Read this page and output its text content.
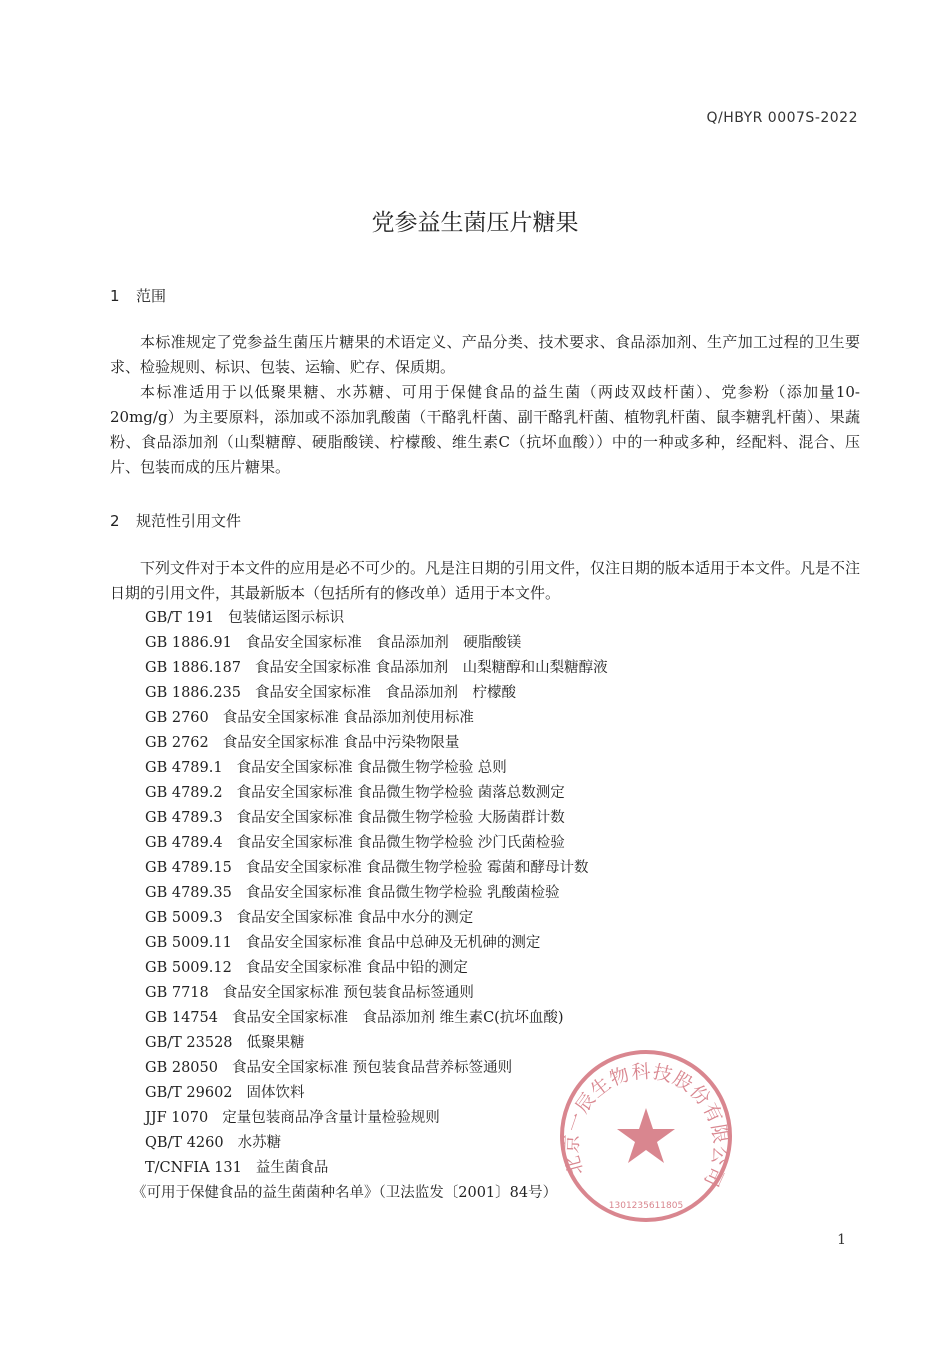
Q/HBYR 0007S-2022
党参益生菌压片糖果
1 范围

本标准规定了党参益生菌压片糖果的术语定义、产品分类、技术要求、食品添加剂、生产加工过程的卫生要求、检验规则、标识、包装、运输、贮存、保质期。

本标准适用于以低聚果糖、水苏糖、可用于保健食品的益生菌（两歧双歧杆菌）、党参粉（添加量10-20mg/g）为主要原料，添加或不添加乳酸菌（干酪乳杆菌、副干酪乳杆菌、植物乳杆菌、鼠李糖乳杆菌）、果蔬粉、食品添加剂（山梨糖醇、硬脂酸镁、柠檬酸、维生素C（抗坏血酸））中的一种或多种，经配料、混合、压片、包装而成的压片糖果。

2 规范性引用文件

下列文件对于本文件的应用是必不可少的。凡是注日期的引用文件，仅注日期的版本适用于本文件。凡是不注日期的引用文件，其最新版本（包括所有的修改单）适用于本文件。

GB/T 191 包装储运图示标识
GB 1886.91 食品安全国家标准　食品添加剂　硬脂酸镁
GB 1886.187 食品安全国家标准 食品添加剂　山梨糖醇和山梨糖醇液
GB 1886.235 食品安全国家标准　食品添加剂　柠檬酸
GB 2760 食品安全国家标准 食品添加剂使用标准
GB 2762 食品安全国家标准 食品中污染物限量
GB 4789.1 食品安全国家标准 食品微生物学检验 总则
GB 4789.2 食品安全国家标准 食品微生物学检验 菌落总数测定
GB 4789.3 食品安全国家标准 食品微生物学检验 大肠菌群计数
GB 4789.4 食品安全国家标准 食品微生物学检验 沙门氏菌检验
GB 4789.15 食品安全国家标准 食品微生物学检验 霉菌和酵母计数
GB 4789.35 食品安全国家标准 食品微生物学检验 乳酸菌检验
GB 5009.3 食品安全国家标准 食品中水分的测定
GB 5009.11 食品安全国家标准 食品中总砷及无机砷的测定
GB 5009.12 食品安全国家标准 食品中铅的测定
GB 7718 食品安全国家标准 预包装食品标签通则
GB 14754 食品安全国家标准　食品添加剂 维生素C(抗坏血酸)
GB/T 23528 低聚果糖
GB 28050 食品安全国家标准 预包装食品营养标签通则
GB/T 29602 固体饮料
JJF 1070 定量包装商品净含量计量检验规则
QB/T 4260 水苏糖
T/CNFIA 131 益生菌食品
《可用于保健食品的益生菌菌种名单》（卫法监发〔2001〕84号）
北京一辰生物科技股份有限公司
1301235611805
1
